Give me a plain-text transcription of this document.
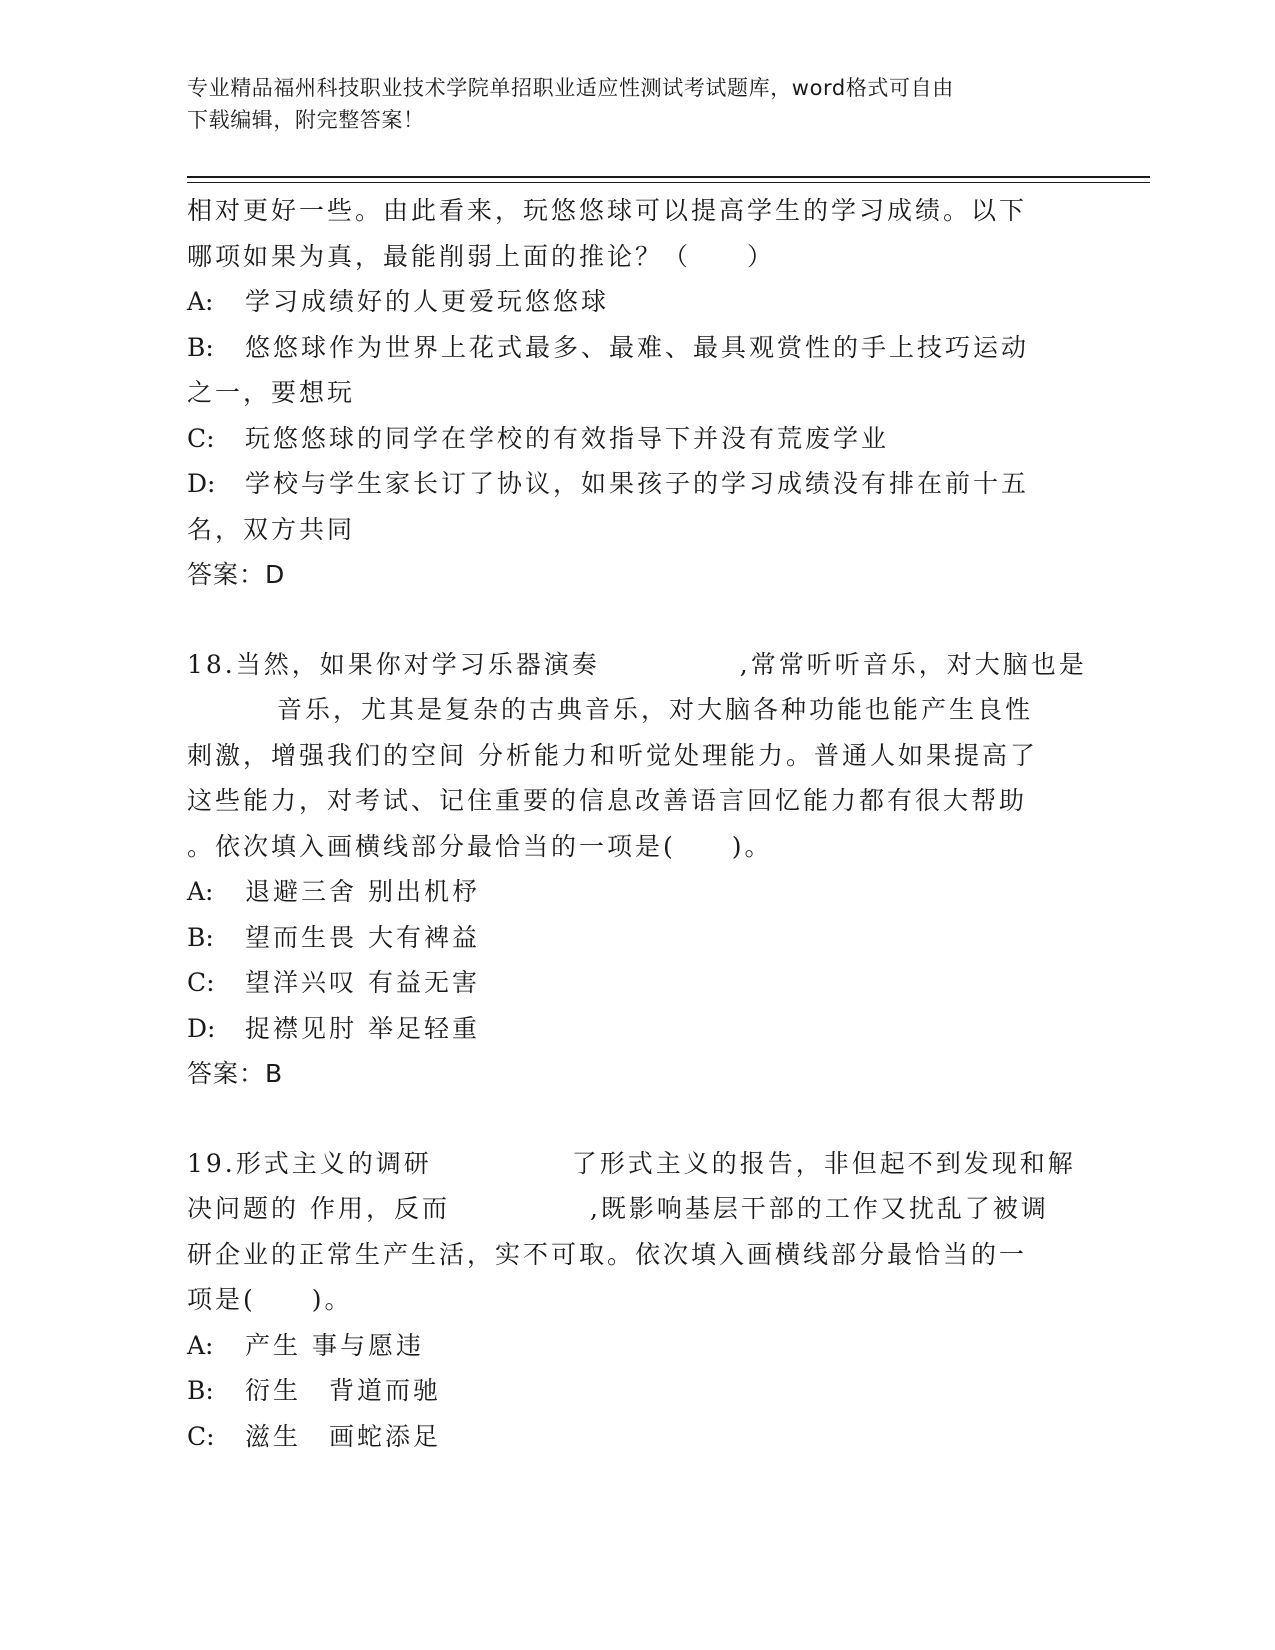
专业精品福州科技职业技术学院单招职业适应性测试考试题库，word格式可自由
下载编辑，附完整答案！
相对更好一些。由此看来，玩悠悠球可以提高学生的学习成绩。以下
哪项如果为真，最能削弱上面的推论？（　　）
A: 学习成绩好的人更爱玩悠悠球
B: 悠悠球作为世界上花式最多、最难、最具观赏性的手上技巧运动
之一，要想玩
C: 玩悠悠球的同学在学校的有效指导下并没有荒废学业
D: 学校与学生家长订了协议，如果孩子的学习成绩没有排在前十五
名，双方共同
答案：D
18.当然，如果你对学习乐器演奏　　　　　,常常听听音乐，对大脑也是
音乐，尤其是复杂的古典音乐，对大脑各种功能也能产生良性
刺激，增强我们的空间 分析能力和听觉处理能力。普通人如果提高了
这些能力，对考试、记住重要的信息改善语言回忆能力都有很大帮助
。依次填入画横线部分最恰当的一项是(　　)。
A: 退避三舍 别出机杼
B: 望而生畏 大有裨益
C: 望洋兴叹 有益无害
D: 捉襟见肘 举足轻重
答案：B
19.形式主义的调研　　　　　了形式主义的报告，非但起不到发现和解
决问题的 作用，反而　　　　　,既影响基层干部的工作又扰乱了被调
研企业的正常生产生活，实不可取。依次填入画横线部分最恰当的一
项是(　　)。
A: 产生 事与愿违
B: 衍生　背道而驰
C: 滋生　画蛇添足
